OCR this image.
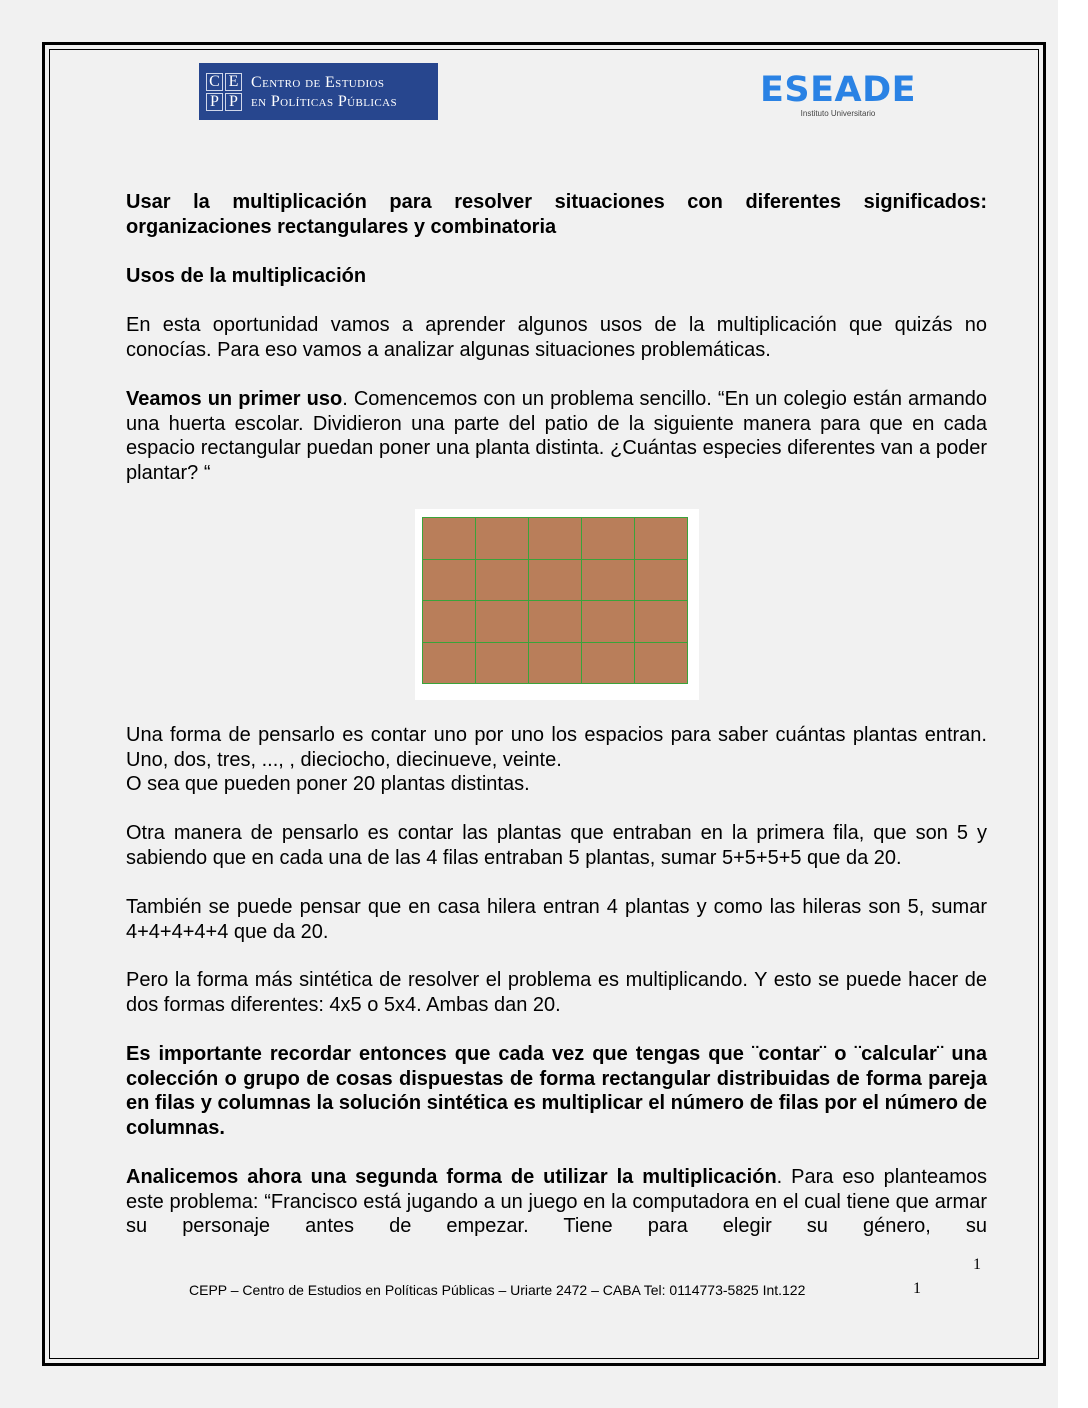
C E
P P
Centro de Estudios
en Políticas Públicas	ESEADE
Instituto Universitario

Usar la multiplicación para resolver situaciones con diferentes significados: organizaciones rectangulares y combinatoria

Usos de la multiplicación

En esta oportunidad vamos a aprender algunos usos de la multiplicación que quizás no conocías. Para eso vamos a analizar algunas situaciones problemáticas.

Veamos un primer uso. Comencemos con un problema sencillo. “En un colegio están armando una huerta escolar. Dividieron una parte del patio de la siguiente manera para que en cada espacio rectangular puedan poner una planta distinta. ¿Cuántas especies diferentes van a poder plantar? “

Una forma de pensarlo es contar uno por uno los espacios para saber cuántas plantas entran. Uno, dos, tres, ..., , dieciocho, diecinueve, veinte.

O sea que pueden poner 20 plantas distintas.

Otra manera de pensarlo es contar las plantas que entraban en la primera fila, que son 5 y sabiendo que en cada una de las 4 filas entraban 5 plantas, sumar 5+5+5+5 que da 20.

También se puede pensar que en casa hilera entran 4 plantas y como las hileras son 5, sumar 4+4+4+4+4 que da 20.

Pero la forma más sintética de resolver el problema es multiplicando. Y esto se puede hacer de dos formas diferentes: 4x5 o 5x4. Ambas dan 20.

Es importante recordar entonces que cada vez que tengas que ¨contar¨ o ¨calcular¨ una colección o grupo de cosas dispuestas de forma rectangular distribuidas de forma pareja en filas y columnas la solución sintética es multiplicar el número de filas por el número de columnas.

Analicemos ahora una segunda forma de utilizar la multiplicación. Para eso planteamos este problema: “Francisco está jugando a un juego en la computadora en el cual tiene que armar su personaje antes de empezar. Tiene para elegir su género, su

1
CEPP – Centro de Estudios en Políticas Públicas – Uriarte 2472 – CABA Tel: 0114773-5825 Int.122	1
